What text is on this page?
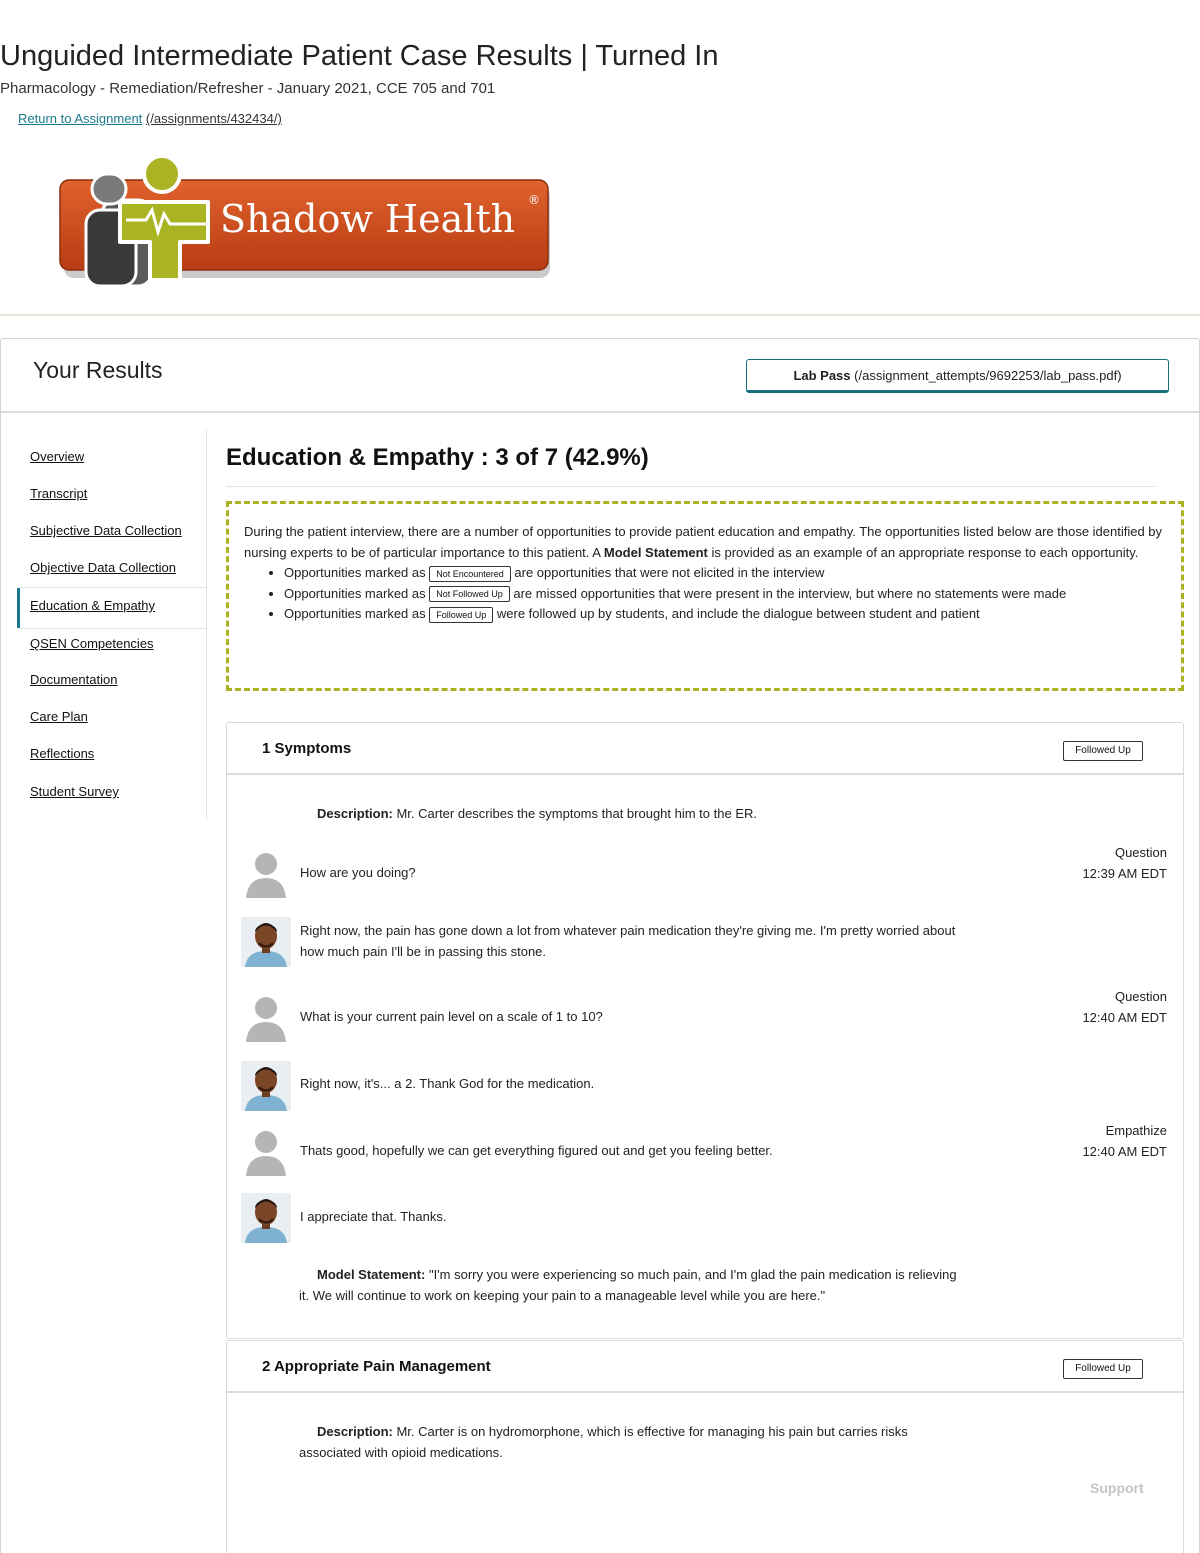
Unguided Intermediate Patient Case Results | Turned In
Pharmacology - Remediation/Refresher - January 2021, CCE 705 and 701
Return to Assignment (/assignments/432434/)
Shadow Health ®
Your Results	Lab Pass (/assignment_attempts/9692253/lab_pass.pdf)
Overview
Transcript
Subjective Data Collection
Objective Data Collection
Education & Empathy
QSEN Competencies
Documentation
Care Plan
Reflections
Student Survey
Education & Empathy : 3 of 7 (42.9%)

During the patient interview, there are a number of opportunities to provide patient education and empathy. The opportunities listed below are those identified by nursing experts to be of particular importance to this patient. A Model Statement is provided as an example of an appropriate response to each opportunity.

• Opportunities marked as Not Encountered are opportunities that were not elicited in the interview
• Opportunities marked as Not Followed Up are missed opportunities that were present in the interview, but where no statements were made
• Opportunities marked as Followed Up were followed up by students, and include the dialogue between student and patient
1 Symptoms	Followed Up
Description: Mr. Carter describes the symptoms that brought him to the ER.
How are you doing?
Question
12:39 AM EDT
Right now, the pain has gone down a lot from whatever pain medication they're giving me. I'm pretty worried about how much pain I'll be in passing this stone.
What is your current pain level on a scale of 1 to 10?
Question
12:40 AM EDT
Right now, it's... a 2. Thank God for the medication.
Thats good, hopefully we can get everything figured out and get you feeling better.
Empathize
12:40 AM EDT
I appreciate that. Thanks.
Model Statement: "I'm sorry you were experiencing so much pain, and I'm glad the pain medication is relieving it. We will continue to work on keeping your pain to a manageable level while you are here."
2 Appropriate Pain Management	Followed Up
Description: Mr. Carter is on hydromorphone, which is effective for managing his pain but carries risks associated with opioid medications.
Support
